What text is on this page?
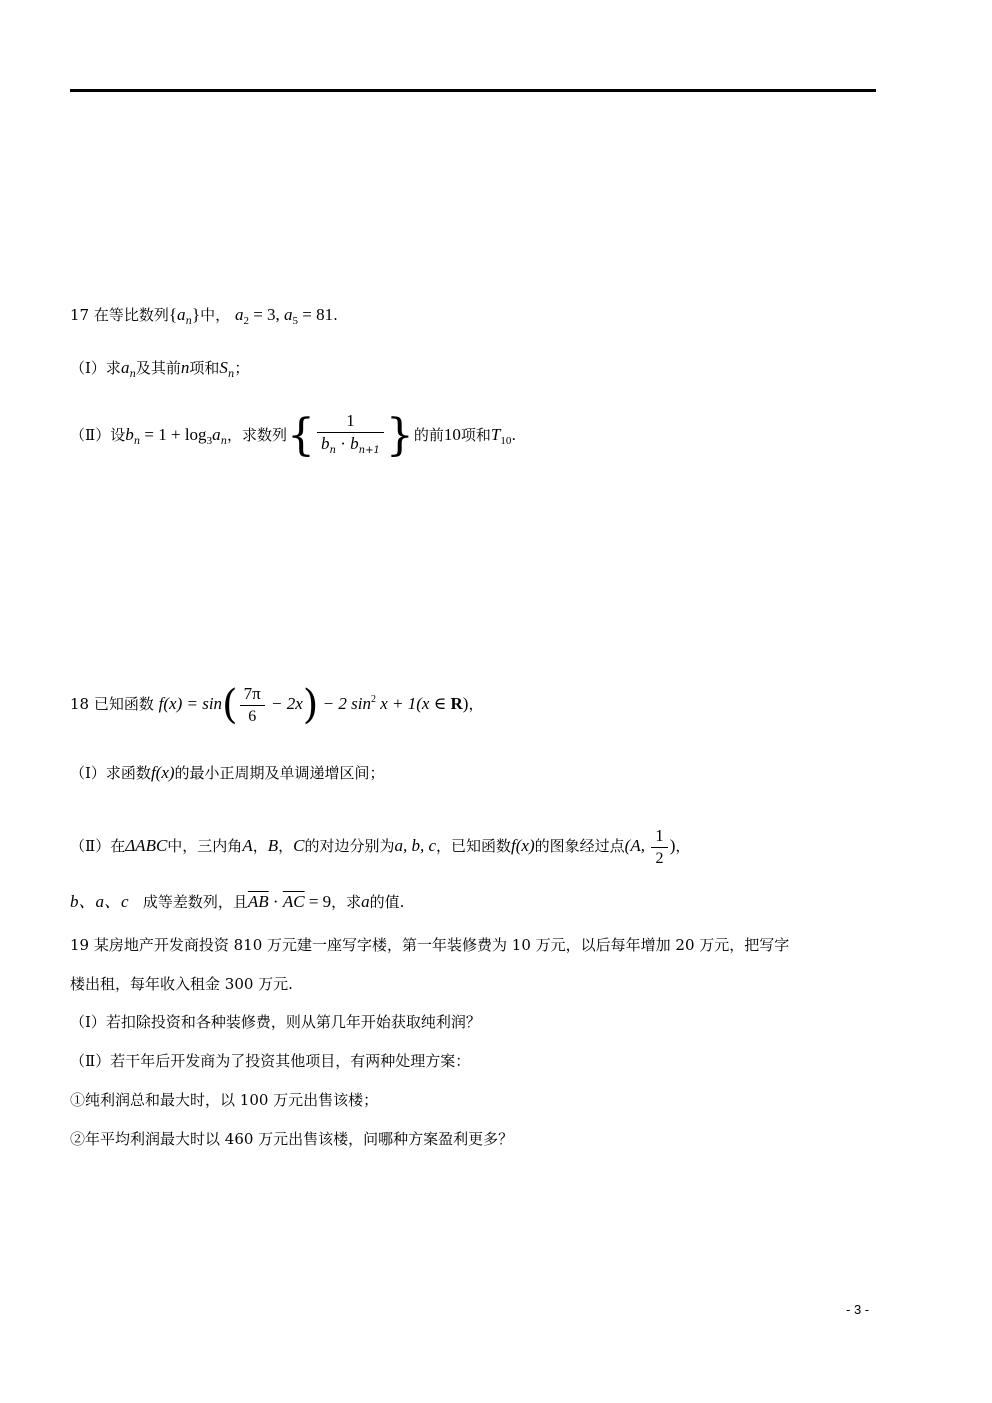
17 在等比数列$\{a_n\}$中， $a_2 = 3$, $a_5 = 81$.
（Ⅰ）求$a_n$及其前n项和$S_n$；
（Ⅱ）设$b_n = 1 + \log_3a_n$，求数列{ $\frac{1}{b_n \cdot b_{n+1}}$ }的前10项和$T_{10}$.
18 已知函数 $f(x) = \sin( \frac{7\pi}{6} - 2x) - 2$ $\sin^2 x + 1(x$ ∈ R)，
（Ⅰ）求函数f(x)的最小正周期及单调递增区间；
（Ⅱ）在ΔABC中，三内角A，B，C的对边分别为a, b, c，已知函数f(x)的图象经过点(A, $\frac{1}{2}$ )，
b、a、c 成等差数列，且$\overline{AB} \cdot \overline{AC} = 9$，求a的值.
19 某房地产开发商投资 810 万元建一座写字楼，第一年装修费为 10 万元，以后每年增加 20 万元，把写字
楼出租，每年收入租金 300 万元.
（Ⅰ）若扣除投资和各种装修费，则从第几年开始获取纯利润？
（Ⅱ）若干年后开发商为了投资其他项目，有两种处理方案：
①纯利润总和最大时，以 100 万元出售该楼；
②年平均利润最大时以 460 万元出售该楼，问哪种方案盈利更多？
- 3 -
